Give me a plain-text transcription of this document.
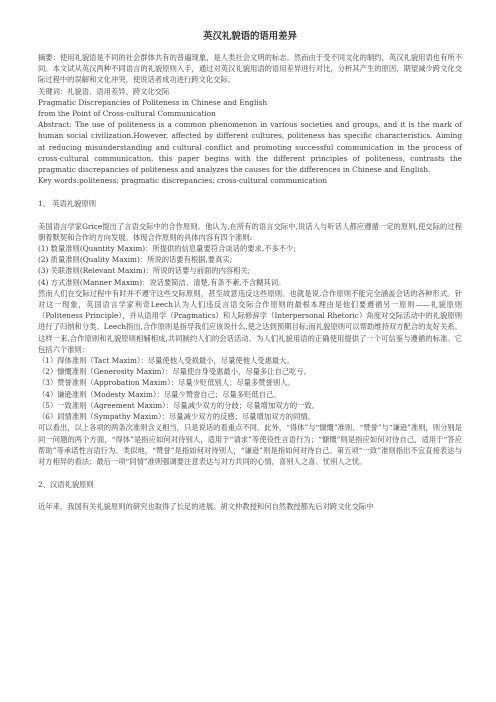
英汉礼貌语的语用差异

摘要：使用礼貌语是不同的社会群体共有的普遍现象，是人类社会文明的标志。然而由于受不同文化的制约，英汉礼貌用语也有所不同。本文试从英汉两种不同语言的礼貌原则入手，通过对英汉礼貌用语的语用差异进行对比，分析其产生的原因，期望减少跨文化交际过程中的误解和文化冲突，使说话者成功进行跨文化交际。

关键词：礼貌语、语用差异、跨文化交际

Pragmatic Discrepancies of Politeness in Chinese and English

from the Point of Cross-cultural Communication

Abstract: The use of politeness is a common phenomenon in various societies and groups, and it is the mark of human social civilization.However, affected by different cultures, politeness has specific characteristics. Aiming at reducing misunderstanding and cultural conflict and promoting successful communication in the process of cross-cultural communication, this paper begins with the different principles of politeness, contrasts the pragmatic discrepancies of politeness and analyzes the causes for the differences in Chinese and English.

Key words:politeness; pragmatic discrepancies; cross-cultural communication

1、 英语礼貌原则

美国语言学家Grice提出了言语交际中的合作原则。他认为,在所有的语言交际中,说话人与听话人都应遵循一定的原则,使交际的过程朝着默契和合作的方向发展。体现合作原则的具体内容有四个准则:

(1) 数量准则(Quantity Maxim)：所提供的信息量要符合谈话的要求,不多不少;

(2) 质量准则(Quality Maxim)：所说的话要有根据,要真实;

(3) 关联准则(Relevant Maxim)：所说的话要与前面的内容相关;

(4) 方式准则(Manner Maxim)：说话要简洁、清楚,有条不紊,不含糊其词。

然而人们在交际过程中有时并不遵守这些交际原则，甚至故意违反这些原则。也就是说,合作原则不能完全涵盖会话的各种形式。针对这一现象，英国语言学家利奇Leech认为人们违反言语交际合作原则的最根本理由是他们要遵循另一原则——礼貌原则（Politeness Principle），并从语用学（Pragmatics）和人际修辞学（Interpersonal Rhetoric）角度对交际活动中的礼貌原则进行了归纳和分类。Leech指出,合作原则是指导我们应该说什么,使之达到预期目标;而礼貌原则可以帮助维持双方配合的友好关系。这样一来,合作原则和礼貌原则相辅相成,共同制约人们的会话活动。为人们礼貌用语的正确使用提供了一个可信鉴与遵循的标准。它包括六个准则：

（1）得体准则（Tact Maxim）：尽量使他人受损最小，尽量使他人受惠最大。

（2）慷慨准则（Generosity Maxim）：尽量使自身受惠最小，尽量多让自己吃亏。

（3）赞誉准则（Approbation Maxim）：尽量少贬低别人；尽量多赞誉别人。

（4）谦逊准则（Modesty Maxim）：尽量少赞誉自己；尽量多贬低自己。

（5）一致准则（Agreement Maxim）：尽量减少双方的分歧；尽量增加双方的一致。

（6）同情准则（Sympathy Maxim）：尽量减少双方的反感；尽量增加双方的同情。

可以看出，以上各项的两条次准则含义相当，只是说话的着重点不同。此外，“得体”与“慷慨”准则、“赞誉”与“谦逊”准则，则分别是同一问题的两个方面，“得体”是指应如何对待别人，适用于“请求”等使役性言语行为；“慷慨”则是指应如何对待自己，适用于“答应帮助”等承诺性言语行为。类似地，“赞誉”是指如何对待别人，“谦逊”则是指如何对待自己。第五项“一致”准则指出不宜直接表达与对方相异的看法；最后一项“同情”准则强调要注意表达与对方共同的心情，喜别人之喜、忧别人之忧。

2、汉语礼貌原则

近年来，我国有关礼貌原则的研究也取得了长足的进展。胡文仲教授和何自然教授都先后对跨文化交际中
